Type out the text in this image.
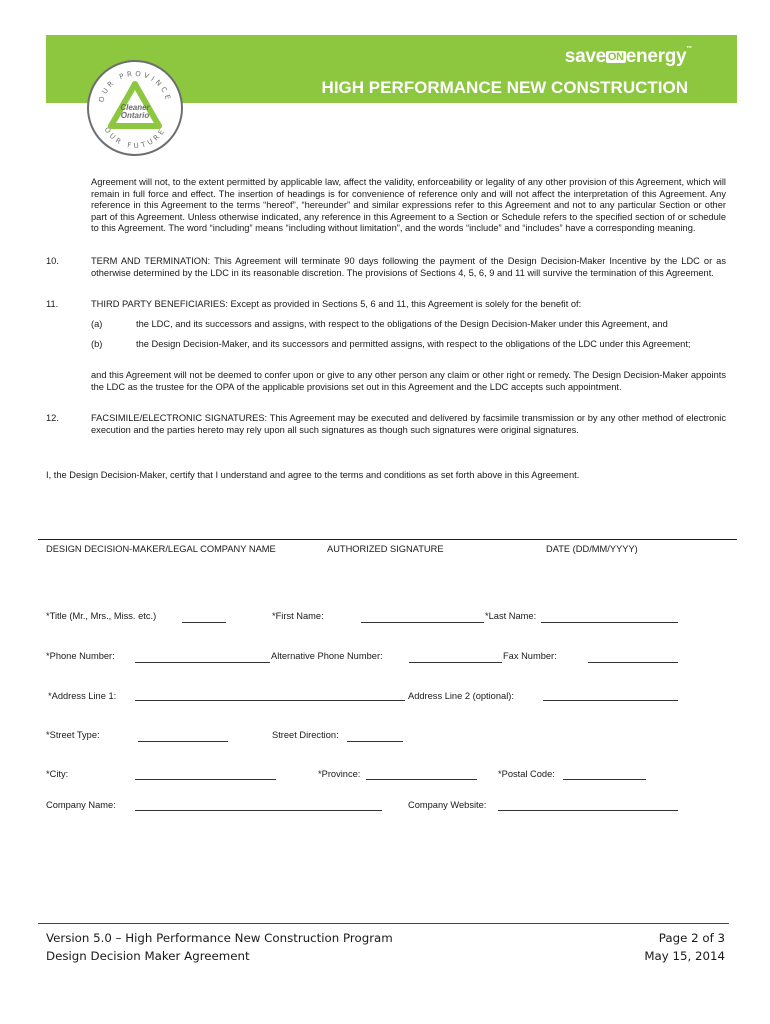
save ON energy™
HIGH PERFORMANCE NEW CONSTRUCTION
OUR PROVINCE
OUR FUTURE
Cleaner
Ontario
Agreement will not, to the extent permitted by applicable law, affect the validity, enforceability or legality of any other provision of this Agreement, which will remain in full force and effect. The insertion of headings is for convenience of reference only and will not affect the interpretation of this Agreement. Any reference in this Agreement to the terms “hereof”, “hereunder” and similar expressions refer to this Agreement and not to any particular Section or other part of this Agreement. Unless otherwise indicated, any reference in this Agreement to a Section or Schedule refers to the specified section of or schedule to this Agreement. The word “including” means “including without limitation”, and the words “include” and “includes” have a corresponding meaning.
10.	TERM AND TERMINATION: This Agreement will terminate 90 days following the payment of the Design Decision-Maker Incentive by the LDC or as otherwise determined by the LDC in its reasonable discretion. The provisions of Sections 4, 5, 6, 9 and 11 will survive the termination of this Agreement.
11.	THIRD PARTY BENEFICIARIES: Except as provided in Sections 5, 6 and 11, this Agreement is solely for the benefit of:
(a)	the LDC, and its successors and assigns, with respect to the obligations of the Design Decision-Maker under this Agreement, and
(b)	the Design Decision-Maker, and its successors and permitted assigns, with respect to the obligations of the LDC under this Agreement;
and this Agreement will not be deemed to confer upon or give to any other person any claim or other right or remedy. The Design Decision-Maker appoints the LDC as the trustee for the OPA of the applicable provisions set out in this Agreement and the LDC accepts such appointment.
12.	FACSIMILE/ELECTRONIC SIGNATURES: This Agreement may be executed and delivered by facsimile transmission or by any other method of electronic execution and the parties hereto may rely upon all such signatures as though such signatures were original signatures.
I, the Design Decision-Maker, certify that I understand and agree to the terms and conditions as set forth above in this Agreement.
DESIGN DECISION-MAKER/LEGAL COMPANY NAME	AUTHORIZED SIGNATURE	DATE (DD/MM/YYYY)
*Title (Mr., Mrs., Miss. etc.)	*First Name:	*Last Name:
*Phone Number:	Alternative Phone Number:	Fax Number:
*Address Line 1:	Address Line 2 (optional):
*Street Type:	Street Direction:
*City:	*Province:	*Postal Code:
Company Name:	Company Website:
Version 5.0 – High Performance New Construction Program
Design Decision Maker Agreement
Page 2 of 3
May 15, 2014
